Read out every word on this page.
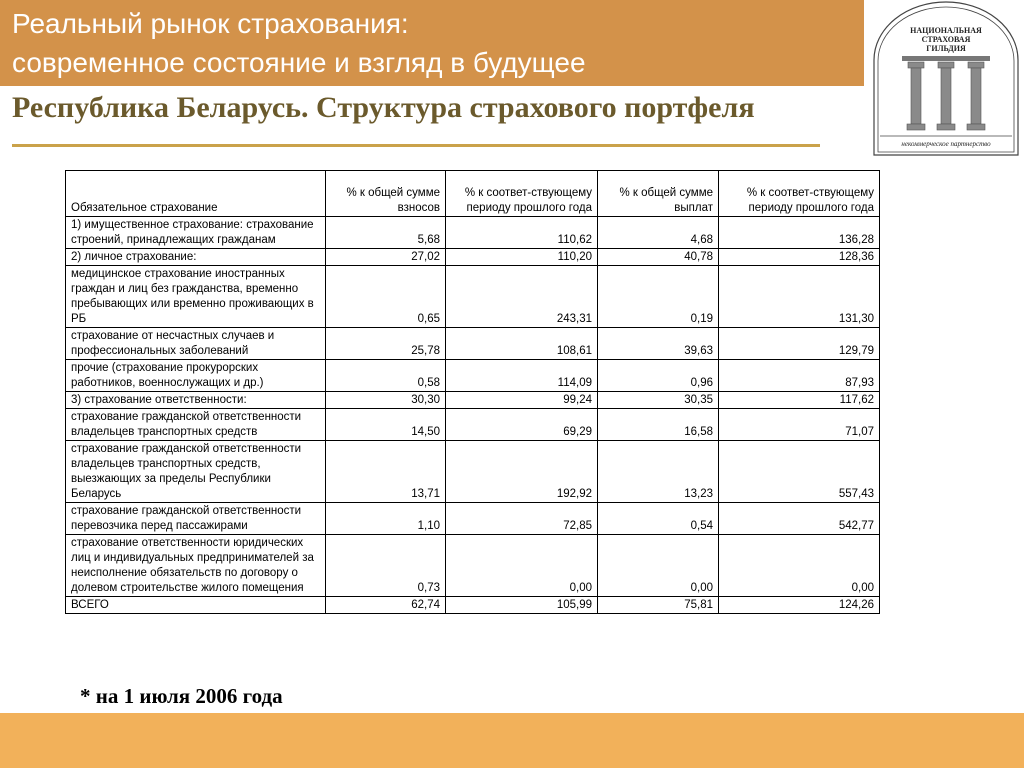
Реальный рынок страхования:
современное состояние и взгляд в будущее
НАЦИОНАЛЬНАЯ
СТРАХОВАЯ
ГИЛЬДИЯ
некоммерческое партнерство
Республика Беларусь. Структура страхового портфеля
Обязательное страхование	% к общей сумме взносов	% к соответ-ствующему периоду прошлого года	% к общей сумме выплат	% к соответ-ствующему периоду прошлого года
1) имущественное страхование: страхование строений, принадлежащих гражданам	5,68	110,62	4,68	136,28
2) личное страхование:	27,02	110,20	40,78	128,36
медицинское страхование иностранных граждан и лиц без гражданства, временно пребывающих или временно проживающих в РБ	0,65	243,31	0,19	131,30
страхование от несчастных случаев и профессиональных заболеваний	25,78	108,61	39,63	129,79
прочие (страхование прокурорских работников, военнослужащих и др.)	0,58	114,09	0,96	87,93
3) страхование ответственности:	30,30	99,24	30,35	117,62
страхование гражданской ответственности владельцев транспортных средств	14,50	69,29	16,58	71,07
страхование гражданской ответственности владельцев транспортных средств, выезжающих за пределы Республики Беларусь	13,71	192,92	13,23	557,43
страхование гражданской ответственности перевозчика перед пассажирами	1,10	72,85	0,54	542,77
страхование ответственности юридических лиц и индивидуальных предпринимателей за неисполнение обязательств по договору о долевом строительстве жилого помещения	0,73	0,00	0,00	0,00
ВСЕГО	62,74	105,99	75,81	124,26
* на 1 июля 2006 года
